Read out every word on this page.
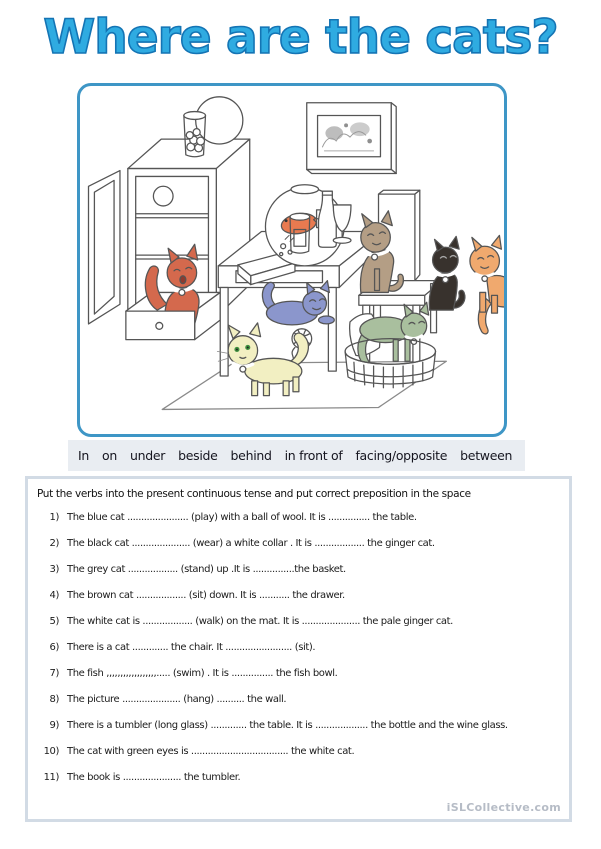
Where are the cats?
In on under beside behind in front of facing/opposite between
Put the verbs into the present continuous tense and put correct preposition in the space
1) The blue cat ...................... (play) with a ball of wool. It is ............... the table.
2) The black cat ..................... (wear) a white collar . It is .................. the ginger cat.
3) The grey cat .................. (stand) up .It is ...............the basket.
4) The brown cat .................. (sit) down. It is ........... the drawer.
5) The white cat is .................. (walk) on the mat. It is ..................... the pale ginger cat.
6) There is a cat ............. the chair. It ........................ (sit).
7) The fish ,,,,,,,,,,,,,,,,,,..... (swim) . It is ............... the fish bowl.
8) The picture ..................... (hang) .......... the wall.
9) There is a tumbler (long glass) ............. the table. It is ................... the bottle and the wine glass.
10) The cat with green eyes is ................................... the white cat.
11) The book is ..................... the tumbler.
iSLCollective.com
